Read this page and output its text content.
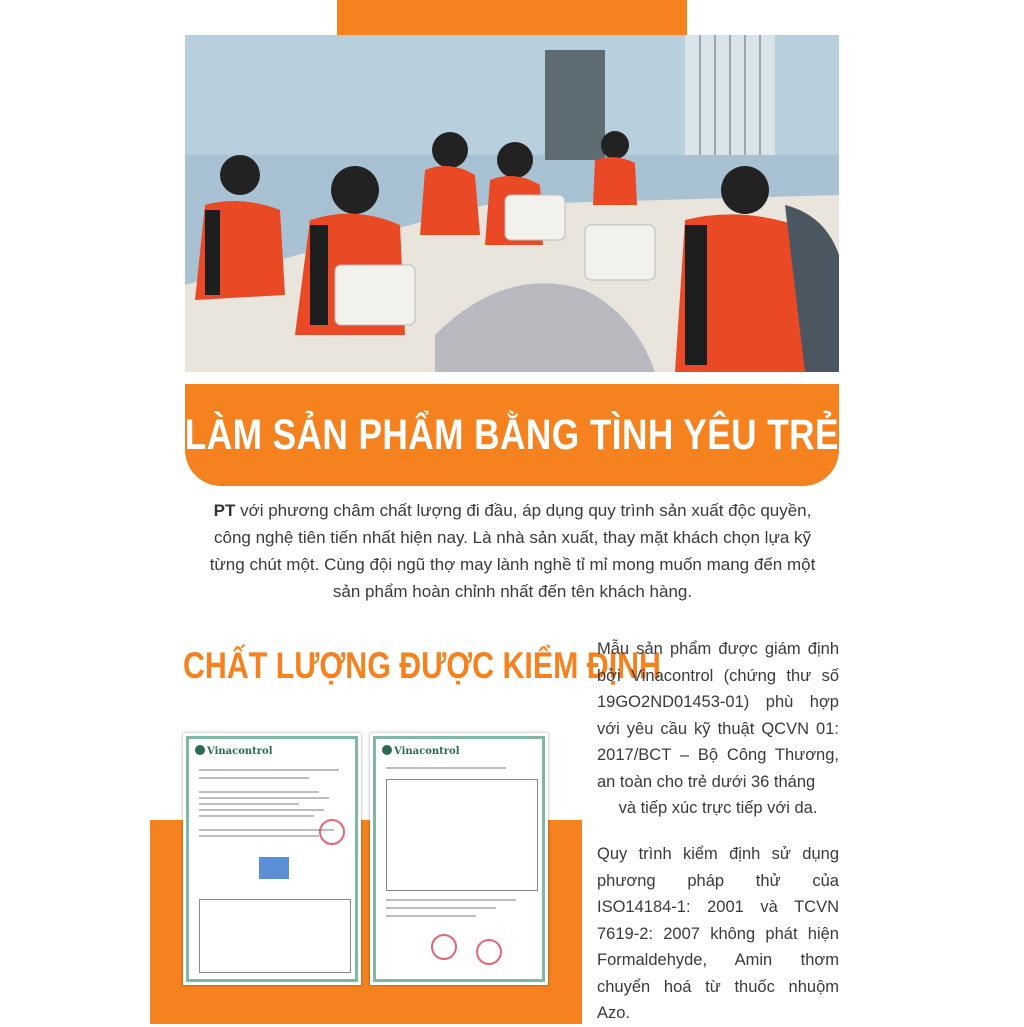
LÀM SẢN PHẨM BẰNG TÌNH YÊU TRẺ
PT với phương châm chất lượng đi đầu, áp dụng quy trình sản xuất độc quyền, công nghệ tiên tiến nhất hiện nay. Là nhà sản xuất, thay mặt khách chọn lựa kỹ từng chút một. Cùng đội ngũ thợ may lành nghề tỉ mỉ mong muốn mang đến một sản phẩm hoàn chỉnh nhất đến tên khách hàng.
CHẤT LƯỢNG ĐƯỢC KIỂM ĐỊNH
Vinacontrol	Vinacontrol

Mẫu sản phẩm được giám định bởi Vinacontrol (chứng thư số 19GO2ND01453-01) phù hợp với yêu cầu kỹ thuật QCVN 01: 2017/BCT – Bộ Công Thương, an toàn cho trẻ dưới 36 tháng

và tiếp xúc trực tiếp với da.

Quy trình kiểm định sử dụng phương pháp thử của ISO14184-1: 2001 và TCVN 7619-2: 2007 không phát hiện Formaldehyde, Amin thơm chuyển hoá từ thuốc nhuộm Azo.
